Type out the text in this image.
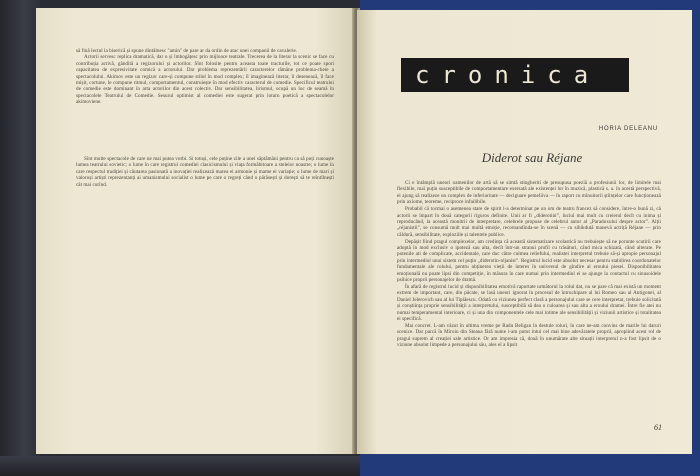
să fină lectul la biserică și spune dintâlnesc "amin" de pare ar da ordin de atac unei companii de cavalerie.

Actorii servesc replica dramatică, dar o și îmbogățesc prin mijloace teatrale. Trecerea de la literar la scenic se face cu contribuția activă, gândită a regizorului și actorilor. Sînt folosite pentru aceasta toate tracturile, tot ce poate spori capacitatea de expresivitate comică a actorului. Dar problema reprezentării caracterelor rămâne problema-cheie a spectacolului. Akimov este un regizor care-și compune stilul în mod complex; îl imaginează literar, îl desenează, îl face mișit, cortune, le compune ritmul, comportamentul, construiește în mod efectiv caracterul de comedie. Specificul teatrului de comedie este dominant în arta actorilor din acest colectiv. Dar sensibilitatea, lirismul, ocupă un loc de seamă în spectacolele Teatrului de Comedie. Sesurul optimist al comediei este sugerat prin loturn poetică a spectacolelor akimoviene.

Sînt multe spectacole de care ne mai putea vorbi. Si totuși, cele puține zile a unei săptămâni pentru ca să poți cunoaște lumea teatrului sovietic; o lume în care registrul comediei clasicismului și viața formăbitoare a stelelor noastre; o lume în care respectul tradiției și căutarea pasionată a inovației realizează marea ei armonie și mame ei variație; o lume de mari și valoroși artiști reprezentanți ai umanismului socialist o lume pe care o regreți când o părăsești și dorești să te reîntîlnești cât mai curînd.

cronica
HORIA DELEANU
Diderot sau Réjane

Ci e întâmplă uneori oamenilor de artă să se simtă stingheriti de presupusa poeziă a profesiunii lor, de limitele mai flexibile, mai puțin susceptibile de comportamentare exersată ale existenței lor în muzică, plastică s. a. în acestă perspectivă, ei ajung să realizeze un complex de inferioritate — deciguare pemeliiva — în raport cu mînuitorii științelor care funcționează prin axiome, teoreme, reciproce infailibile.

Probabil că tocmai o asemenea stare de spirit l-a determinat pe un om de teatru francez să considere, între-o bună zi, că actorii se împart în două categorii riguros definite. Unii ar fi „diderotini”, luciul mai mult cu creierul decît cu inima și reproducând, la această monitrii de interpretare, celebrele propuse de celebrul autor al „Paradoxului despre actor”. Alții „réjanistii”, se consumă mult mai multă emoție, recomandînda-se în scenă — cu sihikdută manevă actriță Réjane — prin căldură, sensibilitate, exploziile și talentele publice.

Depășit fiind pragul complexelor, am credința că această sistematizare scolastică nu trebuiește să ne porunte scutirii care adoptă în mod exclusiv o ipoteză sau alta, decît într-un stranui profil cu trăsături, când mica schizată, când alterate. Pe potenile ati de complicate, accidentale, care duc către culmea reliefului, realistei interpretul trebuie să-și apropie personajul prin intermediul unui sistem cel puțin „diderotin-réjanist”. Registrul lucid este absolut necesar pentru stabilirea coordonatelor fundamentale ale rolului, pentru obținerea vieții de interes în universul de gîndire al eroului piesei. Disponibilitatea emoțională nu poate lipsi din competiție, în măsura în care numai prin intermediul ei se ajunge la contactul cu sinusoidele psihice proprii personajelor de dramă.

În afară de registrul lucid și disponibilitatea emotivă raportate următorul la rolul dat, nu se pare că mai există un moment extrem de important, care, din păcate, se lasă uneori ignorat în procesul de întruchipare al lui Romeo sau al Antigonei, al Daniel Jelerovich sau al lui Tiplăescu. Odată cu viziunea perfect clară a personajului care se cere interpretat, trebuie solicitată și conștiința proprie sensibilității a interpretului, susceptibilă să dea o culoarea și sau alta a eroului dramei. Între fie atei nu numai temperamental interioare, ci și una din componentele cele mai intime ale sensibilității și viziunii artistice și totalitatea ei specifică.

Mai concret. L-am văzut în ultima vreme pe Radu Beligan în destule roluri, în care ne-am convins de marile lui daruri scenice. Dar parcă în Miroiu din Steaua fără nume i-am putut intui cel mai bine adevăratele proprii, apropiind acest rol de pragul suprem al creației sale artistice. Or am impresia că, două în unumărate alte situații interpretul n-a fost lipsit de o viziune absolut limpede a personajului său, ales el a lipsit

61
